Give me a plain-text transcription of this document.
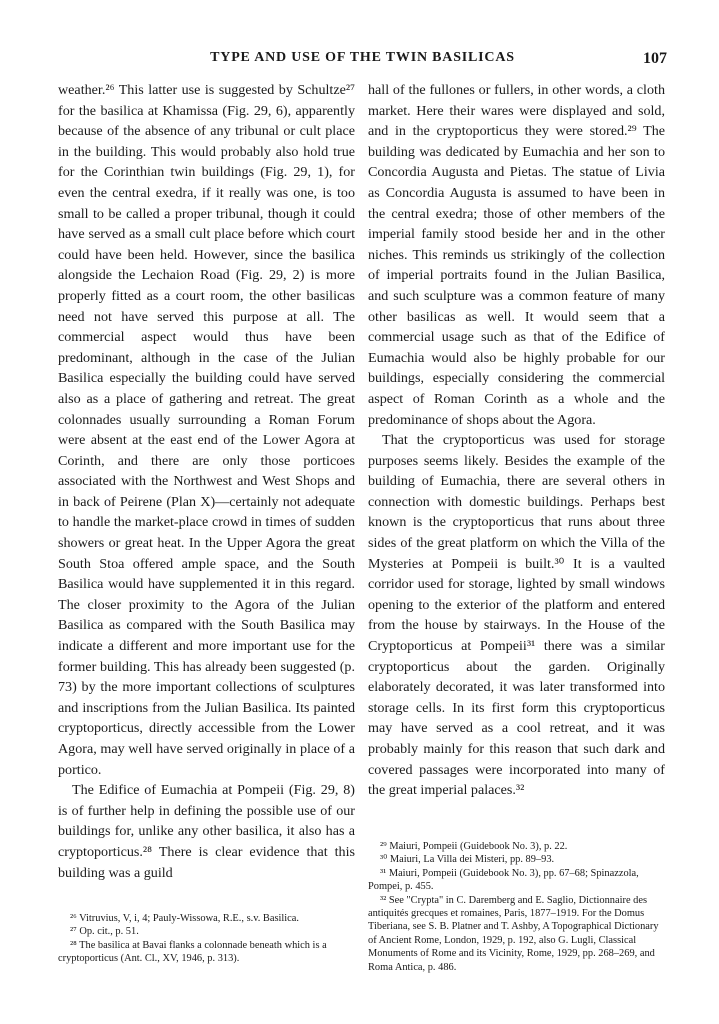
TYPE AND USE OF THE TWIN BASILICAS	107

weather.²⁶ This latter use is suggested by Schultze²⁷ for the basilica at Khamissa (Fig. 29, 6), apparently because of the absence of any tribunal or cult place in the building. This would probably also hold true for the Corinthian twin buildings (Fig. 29, 1), for even the central exedra, if it really was one, is too small to be called a proper tribunal, though it could have served as a small cult place before which court could have been held. However, since the basilica alongside the Lechaion Road (Fig. 29, 2) is more properly fitted as a court room, the other basilicas need not have served this purpose at all. The commercial aspect would thus have been predominant, although in the case of the Julian Basilica especially the building could have served also as a place of gathering and retreat. The great colonnades usually surrounding a Roman Forum were absent at the east end of the Lower Agora at Corinth, and there are only those porticoes associated with the Northwest and West Shops and in back of Peirene (Plan X)—certainly not adequate to handle the market-place crowd in times of sudden showers or great heat. In the Upper Agora the great South Stoa offered ample space, and the South Basilica would have supplemented it in this regard. The closer proximity to the Agora of the Julian Basilica as compared with the South Basilica may indicate a different and more important use for the former building. This has already been suggested (p. 73) by the more important collections of sculptures and inscriptions from the Julian Basilica. Its painted cryptoporticus, directly accessible from the Lower Agora, may well have served originally in place of a portico.

The Edifice of Eumachia at Pompeii (Fig. 29, 8) is of further help in defining the possible use of our buildings for, unlike any other basilica, it also has a cryptoporticus.²⁸ There is clear evidence that this building was a guild

hall of the fullones or fullers, in other words, a cloth market. Here their wares were displayed and sold, and in the cryptoporticus they were stored.²⁹ The building was dedicated by Eumachia and her son to Concordia Augusta and Pietas. The statue of Livia as Concordia Augusta is assumed to have been in the central exedra; those of other members of the imperial family stood beside her and in the other niches. This reminds us strikingly of the collection of imperial portraits found in the Julian Basilica, and such sculpture was a common feature of many other basilicas as well. It would seem that a commercial usage such as that of the Edifice of Eumachia would also be highly probable for our buildings, especially considering the commercial aspect of Roman Corinth as a whole and the predominance of shops about the Agora.

That the cryptoporticus was used for storage purposes seems likely. Besides the example of the building of Eumachia, there are several others in connection with domestic buildings. Perhaps best known is the cryptoporticus that runs about three sides of the great platform on which the Villa of the Mysteries at Pompeii is built.³⁰ It is a vaulted corridor used for storage, lighted by small windows opening to the exterior of the platform and entered from the house by stairways. In the House of the Cryptoporticus at Pompeii³¹ there was a similar cryptoporticus about the garden. Originally elaborately decorated, it was later transformed into storage cells. In its first form this cryptoporticus may have served as a cool retreat, and it was probably mainly for this reason that such dark and covered passages were incorporated into many of the great imperial palaces.³²

²⁶ Vitruvius, V, i, 4; Pauly-Wissowa, R.E., s.v. Basilica.

²⁷ Op. cit., p. 51.

²⁸ The basilica at Bavai flanks a colonnade beneath which is a cryptoporticus (Ant. Cl., XV, 1946, p. 313).

²⁹ Maiuri, Pompeii (Guidebook No. 3), p. 22.

³⁰ Maiuri, La Villa dei Misteri, pp. 89–93.

³¹ Maiuri, Pompeii (Guidebook No. 3), pp. 67–68; Spinazzola, Pompei, p. 455.

³² See "Crypta" in C. Daremberg and E. Saglio, Dictionnaire des antiquités grecques et romaines, Paris, 1877–1919. For the Domus Tiberiana, see S. B. Platner and T. Ashby, A Topographical Dictionary of Ancient Rome, London, 1929, p. 192, also G. Lugli, Classical Monuments of Rome and its Vicinity, Rome, 1929, pp. 268–269, and Roma Antica, p. 486.
